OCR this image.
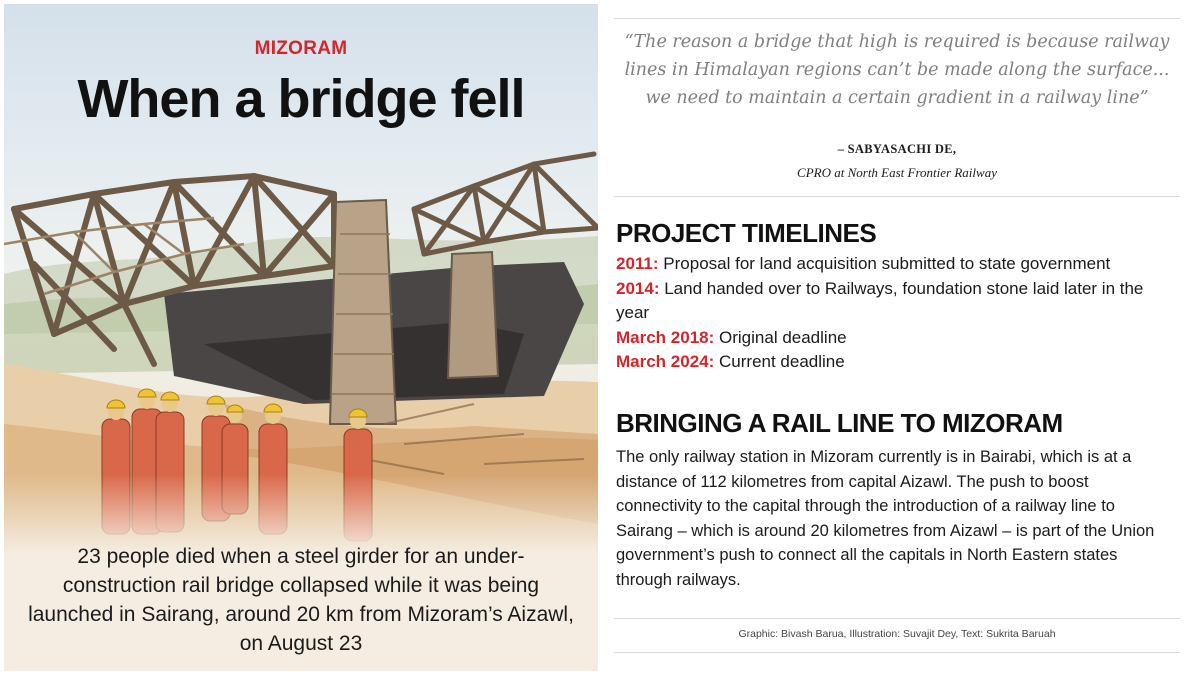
MIZORAM
When a bridge fell
23 people died when a steel girder for an under-construction rail bridge collapsed while it was being launched in Sairang, around 20 km from Mizoram’s Aizawl, on August 23
“The reason a bridge that high is required is because railway lines in Himalayan regions can’t be made along the surface... we need to maintain a certain gradient in a railway line”
– SABYASACHI DE,
CPRO at North East Frontier Railway
PROJECT TIMELINES
2011: Proposal for land acquisition submitted to state government
2014: Land handed over to Railways, foundation stone laid later in the year
March 2018: Original deadline
March 2024: Current deadline
BRINGING A RAIL LINE TO MIZORAM
The only railway station in Mizoram currently is in Bairabi, which is at a distance of 112 kilometres from capital Aizawl. The push to boost connectivity to the capital through the introduction of a railway line to Sairang – which is around 20 kilometres from Aizawl – is part of the Union government’s push to connect all the capitals in North Eastern states through railways.
Graphic: Bivash Barua, Illustration: Suvajit Dey, Text: Sukrita Baruah
